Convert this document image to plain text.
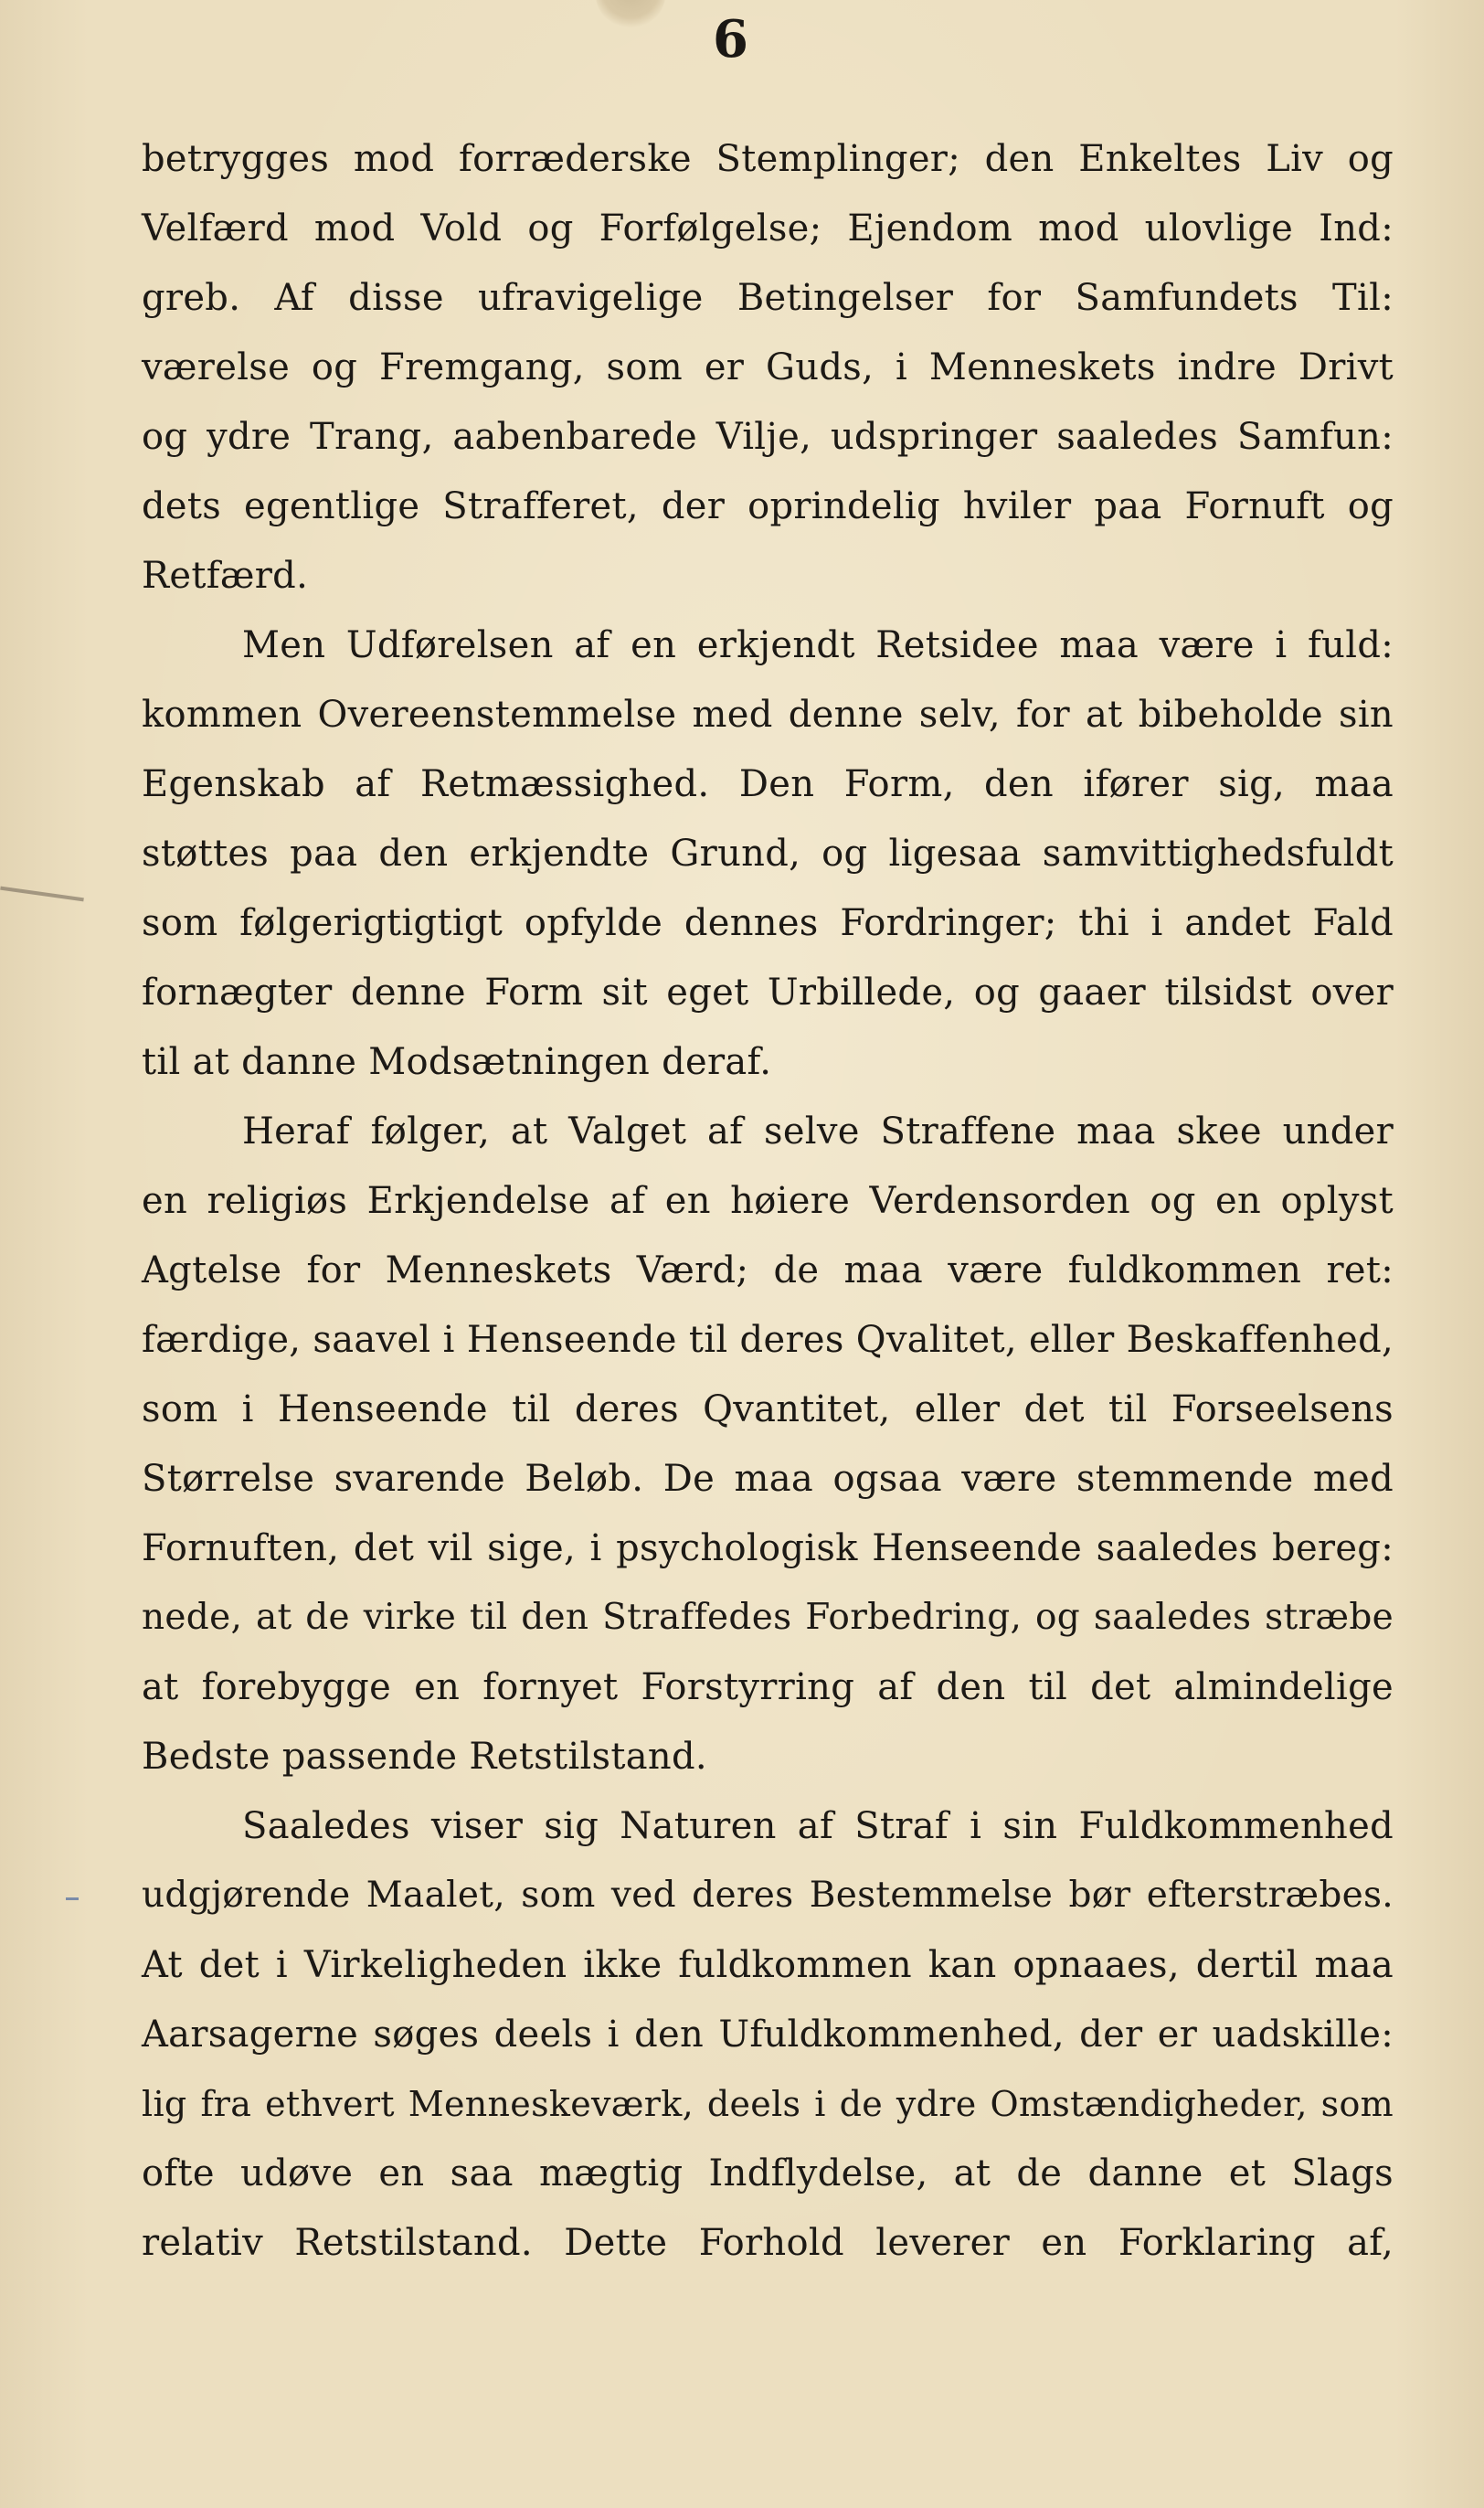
6
betrygges mod forræderske Stemplinger; den Enkeltes Liv og
Velfærd mod Vold og Forfølgelse; Ejendom mod ulovlige Ind:
greb. Af disse ufravigelige Betingelser for Samfundets Til:
værelse og Fremgang, som er Guds, i Menneskets indre Drivt
og ydre Trang, aabenbarede Vilje, udspringer saaledes Samfun:
dets egentlige Strafferet, der oprindelig hviler paa Fornuft og
Retfærd.
Men Udførelsen af en erkjendt Retsidee maa være i fuld:
kommen Overeenstemmelse med denne selv, for at bibeholde sin
Egenskab af Retmæssighed. Den Form, den ifører sig, maa
støttes paa den erkjendte Grund, og ligesaa samvittighedsfuldt
som følgerigtigtigt opfylde dennes Fordringer; thi i andet Fald
fornægter denne Form sit eget Urbillede, og gaaer tilsidst over
til at danne Modsætningen deraf.
Heraf følger, at Valget af selve Straffene maa skee under
en religiøs Erkjendelse af en høiere Verdensorden og en oplyst
Agtelse for Menneskets Værd; de maa være fuldkommen ret:
færdige, saavel i Henseende til deres Qvalitet, eller Beskaffenhed,
som i Henseende til deres Qvantitet, eller det til Forseelsens
Størrelse svarende Beløb. De maa ogsaa være stemmende med
Fornuften, det vil sige, i psychologisk Henseende saaledes bereg:
nede, at de virke til den Straffedes Forbedring, og saaledes stræbe
at forebygge en fornyet Forstyrring af den til det almindelige
Bedste passende Retstilstand.
Saaledes viser sig Naturen af Straf i sin Fuldkommenhed
udgjørende Maalet, som ved deres Bestemmelse bør efterstræbes.
At det i Virkeligheden ikke fuldkommen kan opnaaes, dertil maa
Aarsagerne søges deels i den Ufuldkommenhed, der er uadskille:
lig fra ethvert Menneskeværk, deels i de ydre Omstændigheder, som
ofte udøve en saa mægtig Indflydelse, at de danne et Slags
relativ Retstilstand. Dette Forhold leverer en Forklaring af,
